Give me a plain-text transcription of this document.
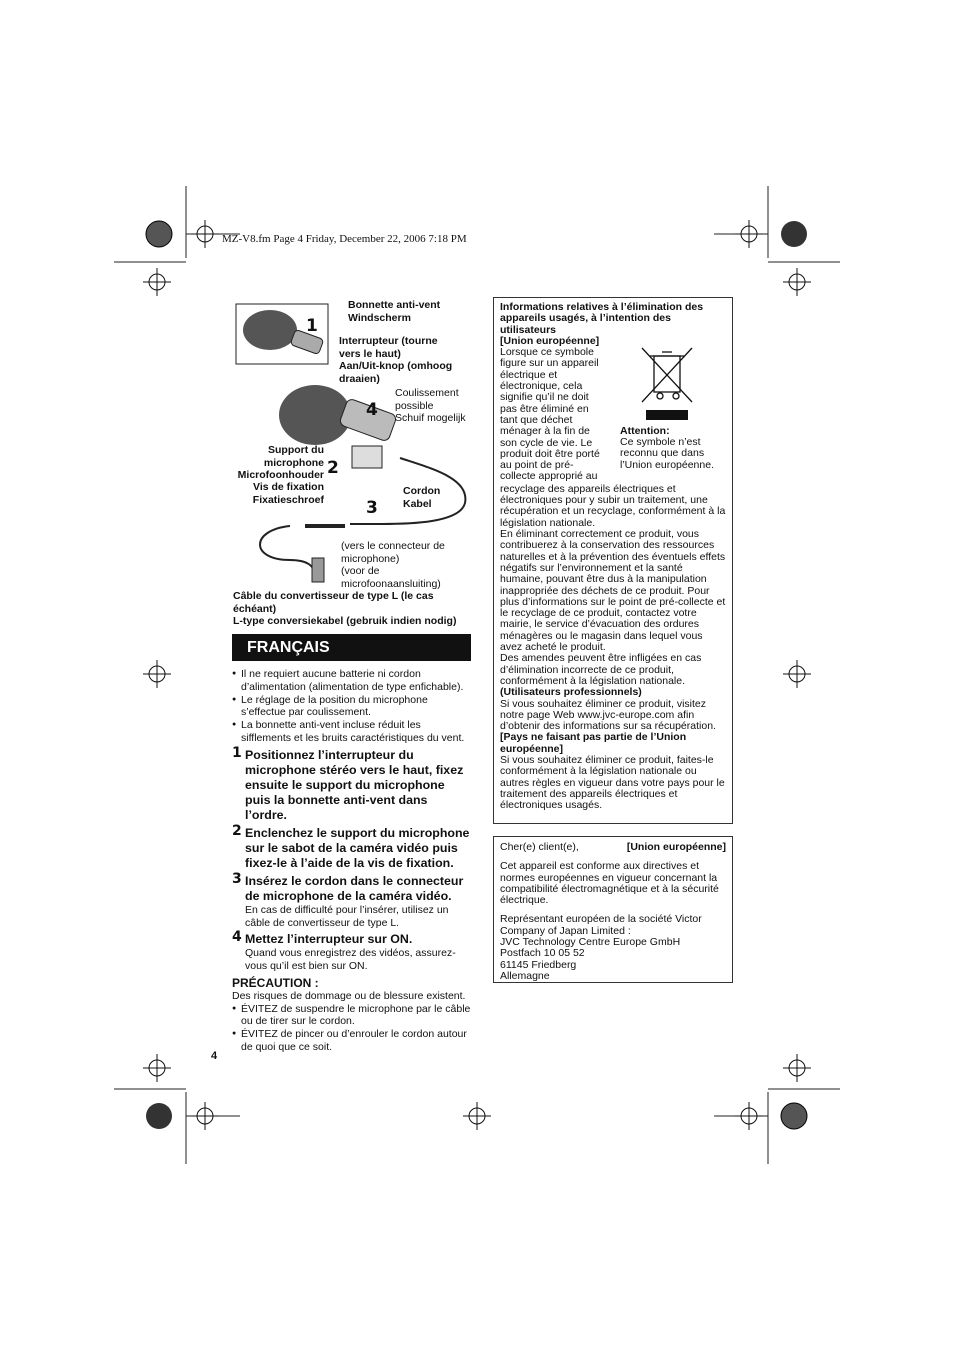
MZ-V8.fm Page 4 Friday, December 22, 2006 7:18 PM
Bonnette anti-vent
Windscherm
Interrupteur (tourne
vers le haut)
Aan/Uit-knop (omhoog
draaien)
Coulissement
possible
Schuif mogelijk
Support du
microphone
Microfoonhouder
Vis de fixation
Fixatieschroef
Cordon
Kabel
(vers le connecteur de
microphone)
(voor de
microfoonaansluiting)
Câble du convertisseur de type L (le cas
échéant)
L-type conversiekabel (gebruik indien nodig)
1
4
2
3
FRANÇAIS
● Il ne requiert aucune batterie ni cordon d’alimentation (alimentation de type enfichable).
● Le réglage de la position du microphone s’effectue par coulissement.
● La bonnette anti-vent incluse réduit les sifflements et les bruits caractéristiques du vent.
1 Positionnez l’interrupteur du microphone stéréo vers le haut, fixez ensuite le support du microphone puis la bonnette anti-vent dans l’ordre.
2 Enclenchez le support du microphone sur le sabot de la caméra vidéo puis fixez-le à l’aide de la vis de fixation.
3 Insérez le cordon dans le connecteur de microphone de la caméra vidéo.
En cas de difficulté pour l’insérer, utilisez un câble de convertisseur de type L.
4 Mettez l’interrupteur sur ON.
Quand vous enregistrez des vidéos, assurez-vous qu’il est bien sur ON.
PRÉCAUTION :
Des risques de dommage ou de blessure existent.
● ÉVITEZ de suspendre le microphone par le câble ou de tirer sur le cordon.
● ÉVITEZ de pincer ou d’enrouler le cordon autour de quoi que ce soit.
4
Informations relatives à l’élimination des appareils usagés, à l’intention des utilisateurs
[Union européenne]
Lorsque ce symbole
figure sur un appareil
électrique et
électronique, cela
signifie qu’il ne doit
pas être éliminé en
tant que déchet
ménager à la fin de
son cycle de vie. Le
produit doit être porté
au point de pré-
collecte approprié au
Attention:
Ce symbole n’est reconnu que dans l’Union européenne.
recyclage des appareils électriques et électroniques pour y subir un traitement, une récupération et un recyclage, conformément à la législation nationale.
En éliminant correctement ce produit, vous contribuerez à la conservation des ressources naturelles et à la prévention des éventuels effets négatifs sur l’environnement et la santé humaine, pouvant être dus à la manipulation inappropriée des déchets de ce produit. Pour plus d’informations sur le point de pré-collecte et le recyclage de ce produit, contactez votre mairie, le service d’évacuation des ordures ménagères ou le magasin dans lequel vous avez acheté le produit.
Des amendes peuvent être infligées en cas d’élimination incorrecte de ce produit, conformément à la législation nationale.
(Utilisateurs professionnels)
Si vous souhaitez éliminer ce produit, visitez notre page Web www.jvc-europe.com afin d’obtenir des informations sur sa récupération.
[Pays ne faisant pas partie de l’Union européenne]
Si vous souhaitez éliminer ce produit, faites-le conformément à la législation nationale ou autres règles en vigueur dans votre pays pour le traitement des appareils électriques et électroniques usagés.
Cher(e) client(e),	[Union européenne]
Cet appareil est conforme aux directives et normes européennes en vigueur concernant la compatibilité électromagnétique et à la sécurité électrique.
Représentant européen de la société Victor
Company of Japan Limited :
JVC Technology Centre Europe GmbH
Postfach 10 05 52
61145 Friedberg
Allemagne
